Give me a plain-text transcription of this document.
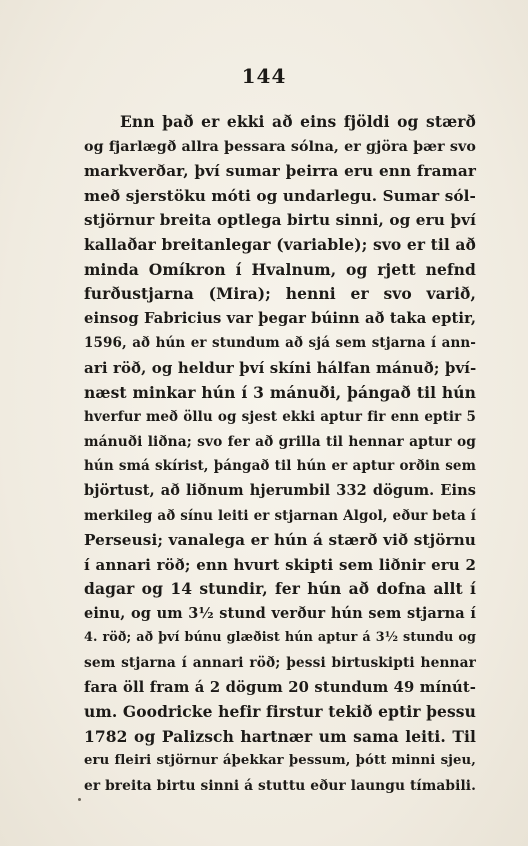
144
Enn það er ekki að eins fjöldi og stærð
og fjarlægð allra þessara sólna, er gjöra þær svo
markverðar, því sumar þeirra eru enn framar
með sjerstöku móti og undarlegu. Sumar sól-
stjörnur breita optlega birtu sinni, og eru því
kallaðar breitanlegar (variable); svo er til að
minda Omíkron í Hvalnum, og rjett nefnd
furðustjarna (Mira); henni er svo varið,
einsog Fabricius var þegar búinn að taka eptir,
1596, að hún er stundum að sjá sem stjarna í ann-
ari röð, og heldur því skíni hálfan mánuð; því-
næst minkar hún í 3 mánuði, þángað til hún
hverfur með öllu og sjest ekki aptur fir enn eptir 5
mánuði liðna; svo fer að grilla til hennar aptur og
hún smá skírist, þángað til hún er aptur orðin sem
björtust, að liðnum hjerumbil 332 dögum. Eins
merkileg að sínu leiti er stjarnan Algol, eður beta í
Perseusi; vanalega er hún á stærð við stjörnu
í annari röð; enn hvurt skipti sem liðnir eru 2
dagar og 14 stundir, fer hún að dofna allt í
einu, og um 3½ stund verður hún sem stjarna í
4. röð; að því búnu glæðist hún aptur á 3½ stundu og
sem stjarna í annari röð; þessi birtuskipti hennar
fara öll fram á 2 dögum 20 stundum 49 mínút-
um. Goodricke hefir firstur tekið eptir þessu
1782 og Palizsch hartnær um sama leiti. Til
eru fleiri stjörnur áþekkar þessum, þótt minni sjeu,
er breita birtu sinni á stuttu eður laungu tímabili.
